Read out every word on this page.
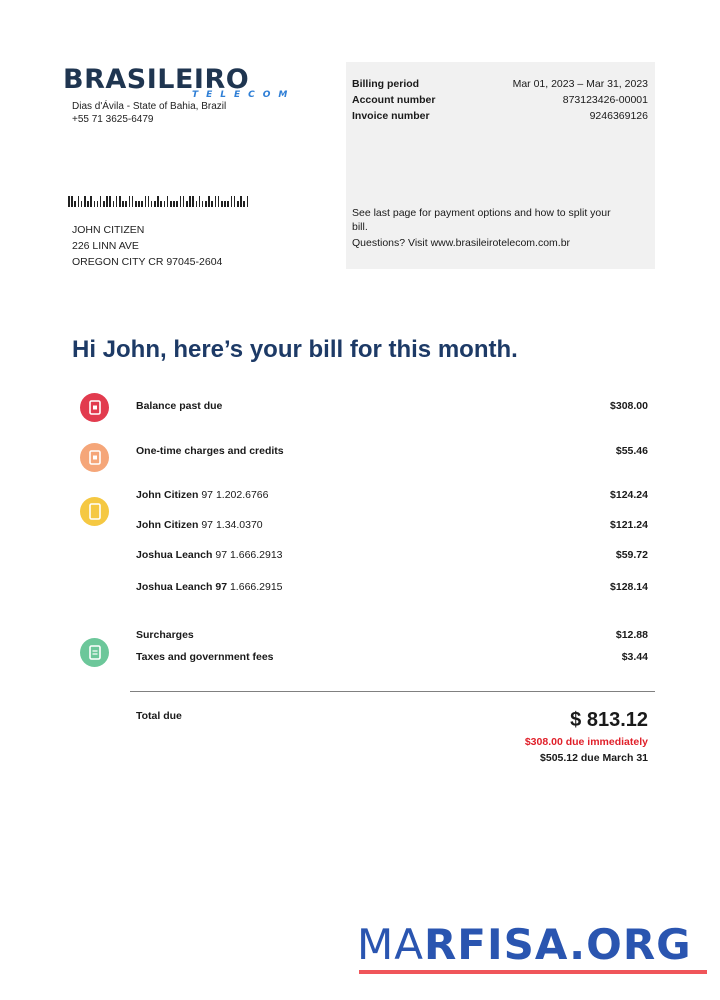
BRASILEIRO
TELECOM
Dias d'Ávila - State of Bahia, Brazil
+55 71 3625-6479
JOHN CITIZEN
226 LINN AVE
OREGON CITY CR 97045-2604
Billing period	Mar 01, 2023 – Mar 31, 2023
Account number	873123426-00001
Invoice number	9246369126
See last page for payment options and how to split your bill.
Questions? Visit www.brasileirotelecom.com.br
Hi John, here’s your bill for this month.
Balance past due	$308.00
One-time charges and credits	$55.46
John Citizen 97 1.202.6766	$124.24
John Citizen 97 1.34.0370	$121.24
Joshua Leanch 97 1.666.2913	$59.72
Joshua Leanch 97 1.666.2915	$128.14
Surcharges	$12.88
Taxes and government fees	$3.44
Total due	$ 813.12
$308.00 due immediately
$505.12 due March 31
MARFISA.ORG
